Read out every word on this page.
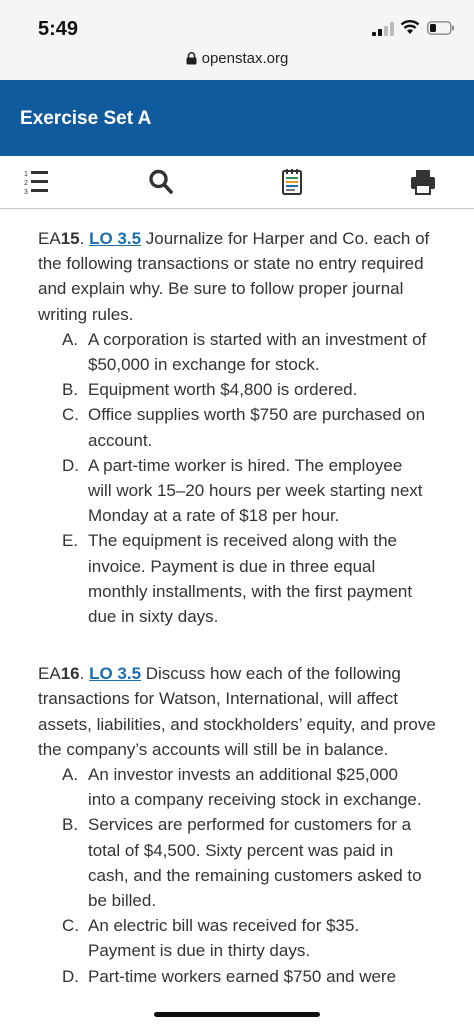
5:49
openstax.org
Exercise Set A
1
2
3
EA15. LO 3.5 Journalize for Harper and Co. each of the following transactions or state no entry required and explain why. Be sure to follow proper journal writing rules.
A. A corporation is started with an investment of $50,000 in exchange for stock.
B. Equipment worth $4,800 is ordered.
C. Office supplies worth $750 are purchased on account.
D. A part-time worker is hired. The employee will work 15–20 hours per week starting next Monday at a rate of $18 per hour.
E. The equipment is received along with the invoice. Payment is due in three equal monthly installments, with the first payment due in sixty days.
EA16. LO 3.5 Discuss how each of the following transactions for Watson, International, will affect assets, liabilities, and stockholders’ equity, and prove the company’s accounts will still be in balance.
A. An investor invests an additional $25,000 into a company receiving stock in exchange.
B. Services are performed for customers for a total of $4,500. Sixty percent was paid in cash, and the remaining customers asked to be billed.
C. An electric bill was received for $35. Payment is due in thirty days.
D. Part-time workers earned $750 and were
